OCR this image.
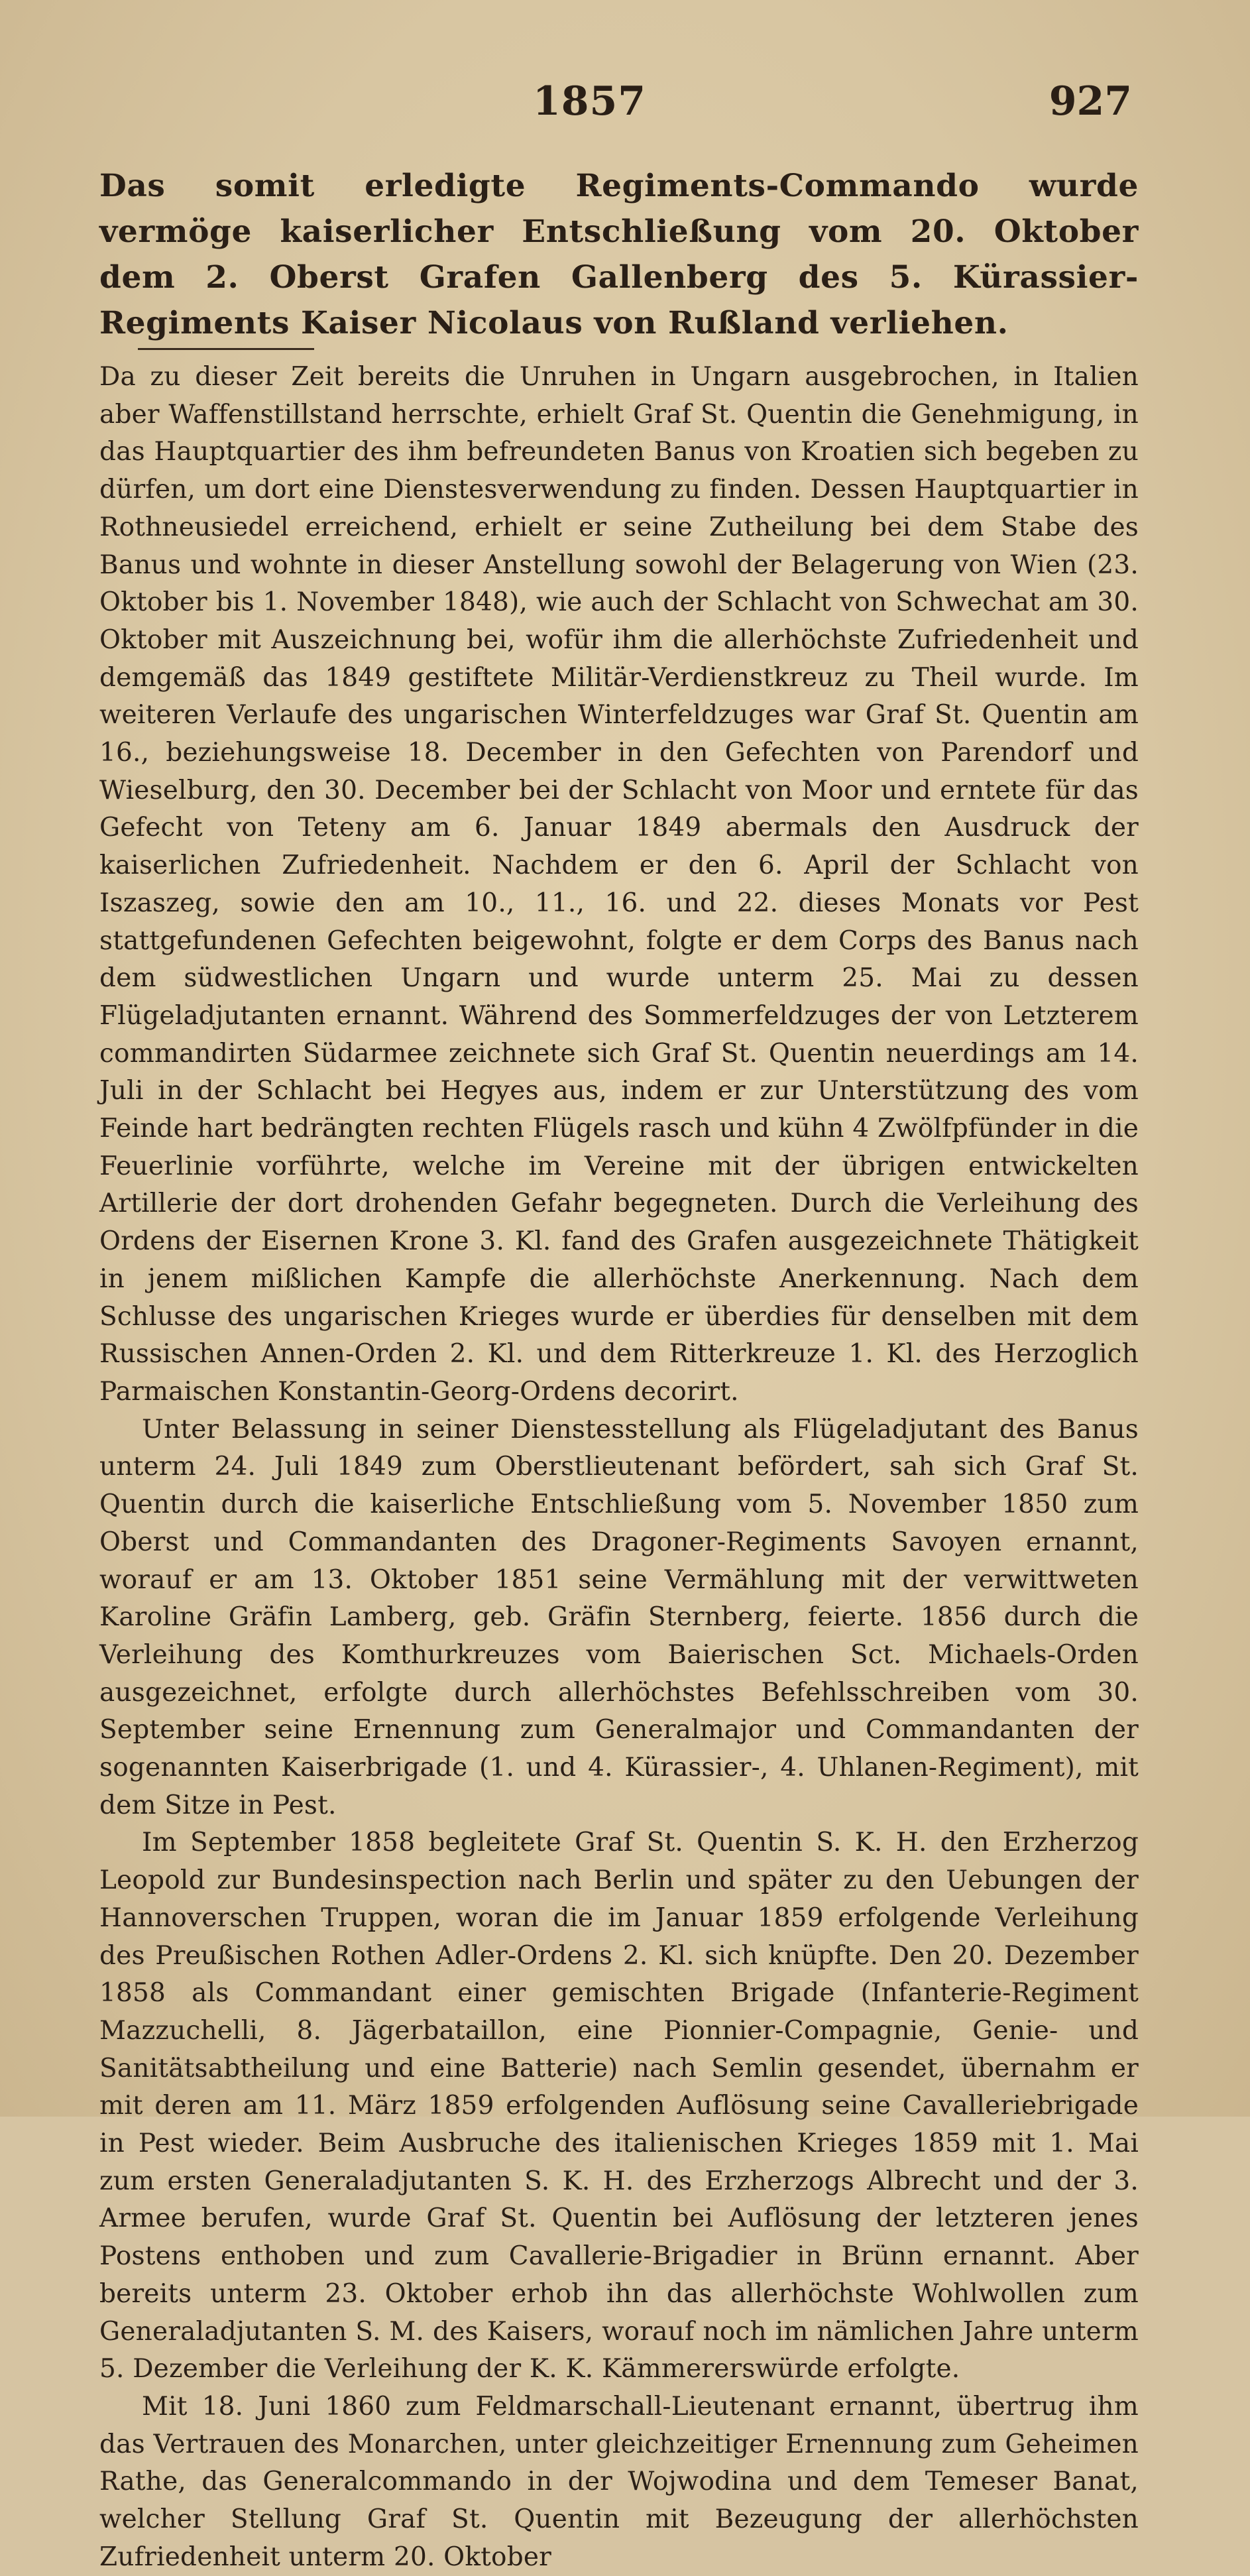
1857	927

Das somit erledigte Regiments-Commando wurde vermöge kaiserlicher Entschließung vom 20. Oktober dem 2. Oberst Grafen Gallenberg des 5. Kürassier-Regiments Kaiser Nicolaus von Rußland verliehen.

Da zu dieser Zeit bereits die Unruhen in Ungarn ausgebrochen, in Italien aber Waffenstillstand herrschte, erhielt Graf St. Quentin die Genehmigung, in das Hauptquartier des ihm befreundeten Banus von Kroatien sich begeben zu dürfen, um dort eine Dienstesverwendung zu finden. Dessen Hauptquartier in Rothneusiedel erreichend, erhielt er seine Zutheilung bei dem Stabe des Banus und wohnte in dieser Anstellung sowohl der Belagerung von Wien (23. Oktober bis 1. November 1848), wie auch der Schlacht von Schwechat am 30. Oktober mit Auszeichnung bei, wofür ihm die allerhöchste Zufriedenheit und demgemäß das 1849 gestiftete Militär-Verdienstkreuz zu Theil wurde. Im weiteren Verlaufe des ungarischen Winterfeldzuges war Graf St. Quentin am 16., beziehungsweise 18. December in den Gefechten von Parendorf und Wieselburg, den 30. December bei der Schlacht von Moor und erntete für das Gefecht von Teteny am 6. Januar 1849 abermals den Ausdruck der kaiserlichen Zufriedenheit. Nachdem er den 6. April der Schlacht von Iszaszeg, sowie den am 10., 11., 16. und 22. dieses Monats vor Pest stattgefundenen Gefechten beigewohnt, folgte er dem Corps des Banus nach dem südwestlichen Ungarn und wurde unterm 25. Mai zu dessen Flügeladjutanten ernannt. Während des Sommerfeldzuges der von Letzterem commandirten Südarmee zeichnete sich Graf St. Quentin neuerdings am 14. Juli in der Schlacht bei Hegyes aus, indem er zur Unterstützung des vom Feinde hart bedrängten rechten Flügels rasch und kühn 4 Zwölfpfünder in die Feuerlinie vorführte, welche im Vereine mit der übrigen entwickelten Artillerie der dort drohenden Gefahr begegneten. Durch die Verleihung des Ordens der Eisernen Krone 3. Kl. fand des Grafen ausgezeichnete Thätigkeit in jenem mißlichen Kampfe die allerhöchste Anerkennung. Nach dem Schlusse des ungarischen Krieges wurde er überdies für denselben mit dem Russischen Annen-Orden 2. Kl. und dem Ritterkreuze 1. Kl. des Herzoglich Parmaischen Konstantin-Georg-Ordens decorirt.

Unter Belassung in seiner Dienstesstellung als Flügeladjutant des Banus unterm 24. Juli 1849 zum Oberstlieutenant befördert, sah sich Graf St. Quentin durch die kaiserliche Entschließung vom 5. November 1850 zum Oberst und Commandanten des Dragoner-Regiments Savoyen ernannt, worauf er am 13. Oktober 1851 seine Vermählung mit der verwittweten Karoline Gräfin Lamberg, geb. Gräfin Sternberg, feierte. 1856 durch die Verleihung des Komthurkreuzes vom Baierischen Sct. Michaels-Orden ausgezeichnet, erfolgte durch allerhöchstes Befehlsschreiben vom 30. September seine Ernennung zum Generalmajor und Commandanten der sogenannten Kaiserbrigade (1. und 4. Kürassier-, 4. Uhlanen-Regiment), mit dem Sitze in Pest.

Im September 1858 begleitete Graf St. Quentin S. K. H. den Erzherzog Leopold zur Bundesinspection nach Berlin und später zu den Uebungen der Hannoverschen Truppen, woran die im Januar 1859 erfolgende Verleihung des Preußischen Rothen Adler-Ordens 2. Kl. sich knüpfte. Den 20. Dezember 1858 als Commandant einer gemischten Brigade (Infanterie-Regiment Mazzuchelli, 8. Jägerbataillon, eine Pionnier-Compagnie, Genie- und Sanitätsabtheilung und eine Batterie) nach Semlin gesendet, übernahm er mit deren am 11. März 1859 erfolgenden Auflösung seine Cavalleriebrigade in Pest wieder. Beim Ausbruche des italienischen Krieges 1859 mit 1. Mai zum ersten Generaladjutanten S. K. H. des Erzherzogs Albrecht und der 3. Armee berufen, wurde Graf St. Quentin bei Auflösung der letzteren jenes Postens enthoben und zum Cavallerie-Brigadier in Brünn ernannt. Aber bereits unterm 23. Oktober erhob ihn das allerhöchste Wohlwollen zum Generaladjutanten S. M. des Kaisers, worauf noch im nämlichen Jahre unterm 5. Dezember die Verleihung der K. K. Kämmererswürde erfolgte.

Mit 18. Juni 1860 zum Feldmarschall-Lieutenant ernannt, übertrug ihm das Vertrauen des Monarchen, unter gleichzeitiger Ernennung zum Geheimen Rathe, das Generalcommando in der Wojwodina und dem Temeser Banat, welcher Stellung Graf St. Quentin mit Bezeugung der allerhöchsten Zufriedenheit unterm 20. Oktober
